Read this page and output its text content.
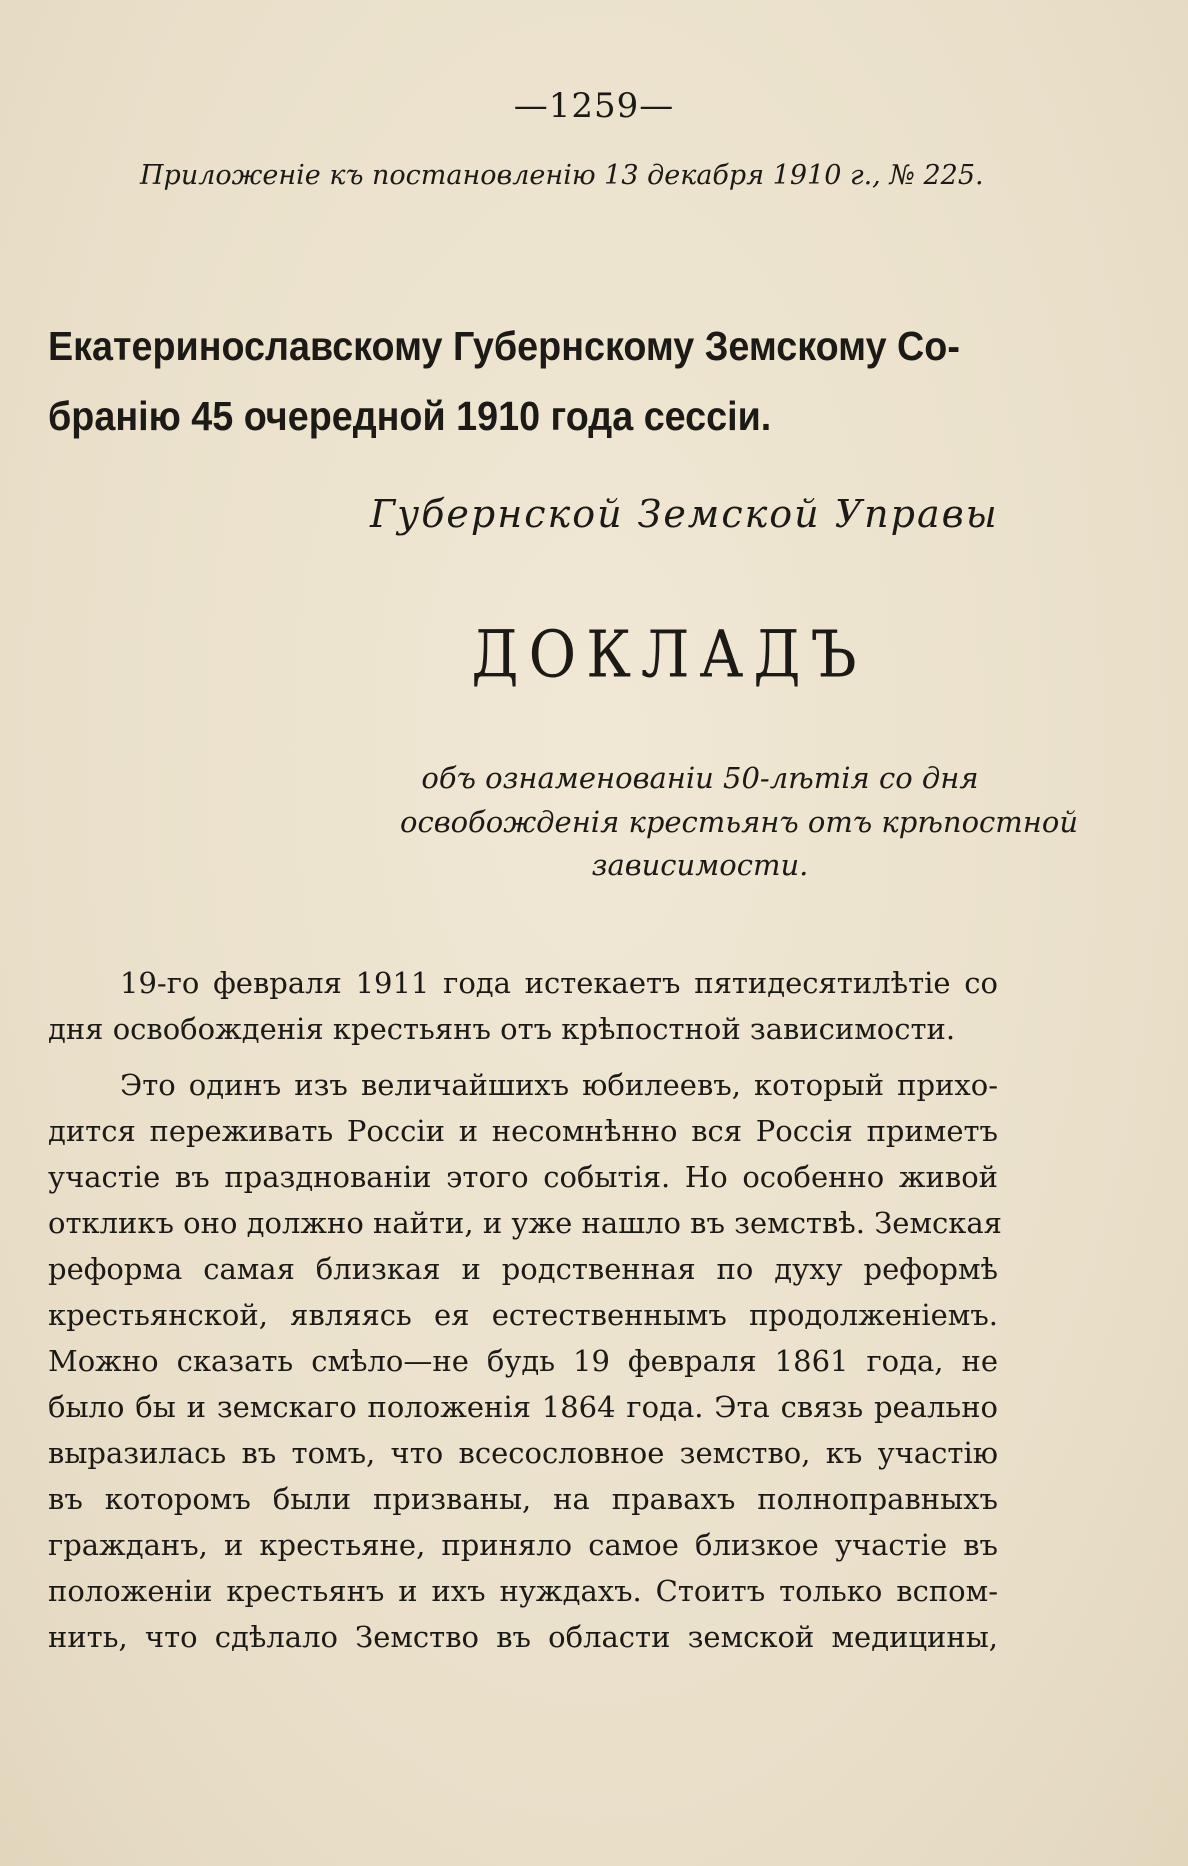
—1259—
Приложенiе къ постановленiю 13 декабря 1910 г., № 225.
Екатеринославскому Губернскому Земскому Со-
бранiю 45 очередной 1910 года сессiи.
Губернской Земской Управы
ДОКЛАДЪ
объ ознаменованiи 50-лѣтiя со дня
освобожденiя крестьянъ отъ крѣпостной
зависимости.

19-го февраля 1911 года истекаетъ пятидесятилѣтiе со
дня освобожденiя крестьянъ отъ крѣпостной зависимости.

Это одинъ изъ величайшихъ юбилеевъ, который прихо-
дится переживать Россiи и несомнѣнно вся Россiя приметъ
участiе въ празднованiи этого событiя. Но особенно живой
откликъ оно должно найти, и уже нашло въ земствѣ. Земская
реформа самая близкая и родственная по духу реформѣ
крестьянской, являясь ея естественнымъ продолженiемъ.
Можно сказать смѣло—не будь 19 февраля 1861 года, не
было бы и земскаго положенiя 1864 года. Эта связь реально
выразилась въ томъ, что всесословное земство, къ участiю
въ которомъ были призваны, на правахъ полноправныхъ
гражданъ, и крестьяне, приняло самое близкое участiе въ
положенiи крестьянъ и ихъ нуждахъ. Стоитъ только вспом-
нить, что сдѣлало Земство въ области земской медицины,
